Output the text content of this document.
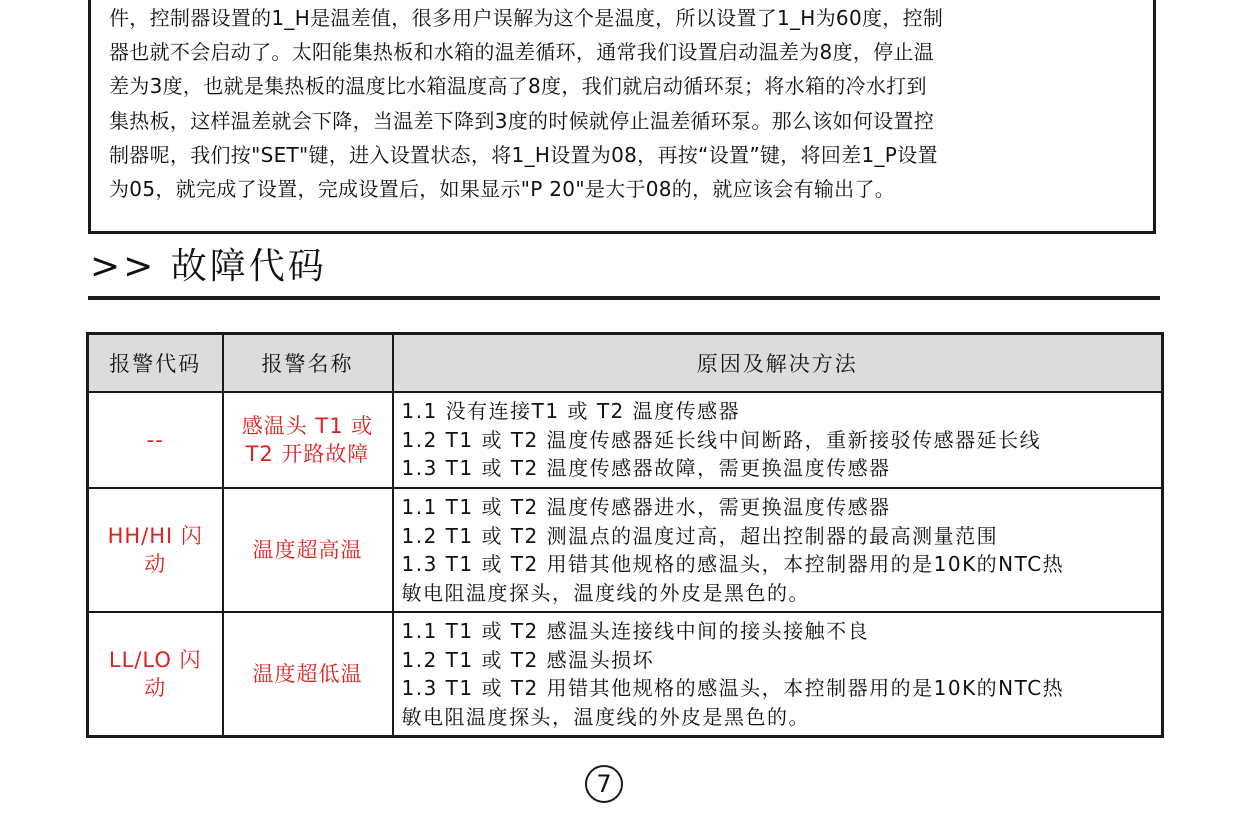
件，控制器设置的1_H是温差值，很多用户误解为这个是温度，所以设置了1_H为60度，控制

器也就不会启动了。太阳能集热板和水箱的温差循环，通常我们设置启动温差为8度，停止温

差为3度，也就是集热板的温度比水箱温度高了8度，我们就启动循环泵；将水箱的冷水打到

集热板，这样温差就会下降，当温差下降到3度的时候就停止温差循环泵。那么该如何设置控

制器呢，我们按"SET"键，进入设置状态，将1_H设置为08，再按“设置”键，将回差1_P设置

为05，就完成了设置，完成设置后，如果显示"P 20"是大于08的，就应该会有输出了。

>> 故障代码
报警代码	报警名称	原因及解决方法
--	感温头 T1 或 T2 开路故障	1.1 没有连接T1 或 T2 温度传感器
1.2 T1 或 T2 温度传感器延长线中间断路，重新接驳传感器延长线
1.3 T1 或 T2 温度传感器故障，需更换温度传感器

HH/HI 闪动	温度超高温	1.1 T1 或 T2 温度传感器进水，需更换温度传感器
1.2 T1 或 T2 测温点的温度过高，超出控制器的最高测量范围
1.3 T1 或 T2 用错其他规格的感温头，本控制器用的是10K的NTC热
敏电阻温度探头，温度线的外皮是黑色的。

LL/LO 闪动	温度超低温	1.1 T1 或 T2 感温头连接线中间的接头接触不良
1.2 T1 或 T2 感温头损坏
1.3 T1 或 T2 用错其他规格的感温头，本控制器用的是10K的NTC热
敏电阻温度探头，温度线的外皮是黑色的。
7
